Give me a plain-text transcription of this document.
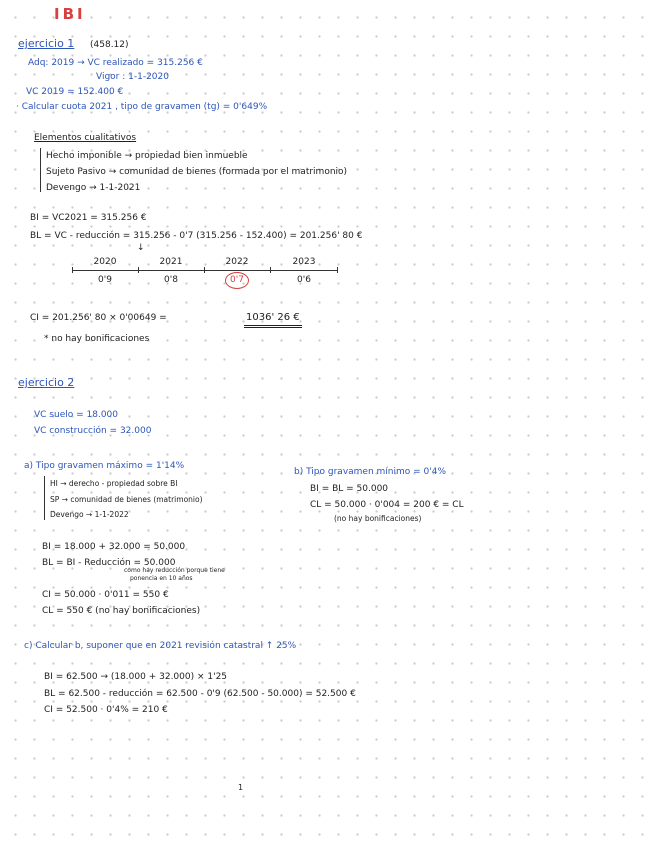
IBI
ejercicio 1 (458.12)
Adq: 2019 → VC realizado = 315.256 €
Vigor : 1-1-2020
VC 2019 = 152.400 €
· Calcular cuota 2021 , tipo de gravamen (tg) = 0'649%
Elementos cualitativos
Hecho imponible → propiedad bien inmueble
Sujeto Pasivo → comunidad de bienes (formada por el matrimonio)
Devengo → 1-1-2021
BI = VC2021 = 315.256 €
BL = VC - reducción = 315.256 - 0'7 (315.256 - 152.400) = 201.256' 80 €
↓
2020	2021	2022	2023
0'9	0'8	0'7	0'6
CI = 201.256' 80 × 0'00649 =	1036' 26 €
* no hay bonificaciones
ejercicio 2
VC suelo = 18.000
VC construcción = 32.000
a) Tipo gravamen máximo = 1'14%
HI → derecho - propiedad sobre BI
SP → comunidad de bienes (matrimonio)
Devengo → 1-1-2022
BI = 18.000 + 32.000 = 50.000
BL = BI - Reducción = 50.000
como hay reducción porque tiene
ponencia en 10 años
CI = 50.000 · 0'011 = 550 €
CL = 550 € (no hay bonificaciones)
b) Tipo gravamen mínimo = 0'4%
BI = BL = 50.000
CL = 50.000 · 0'004 = 200 € = CL
(no hay bonificaciones)
c) Calcular b, suponer que en 2021 revisión catastral ↑ 25%
BI = 62.500 → (18.000 + 32.000) × 1'25
BL = 62.500 - reducción = 62.500 - 0'9 (62.500 - 50.000) = 52.500 €
CI = 52.500 · 0'4% = 210 €
1
